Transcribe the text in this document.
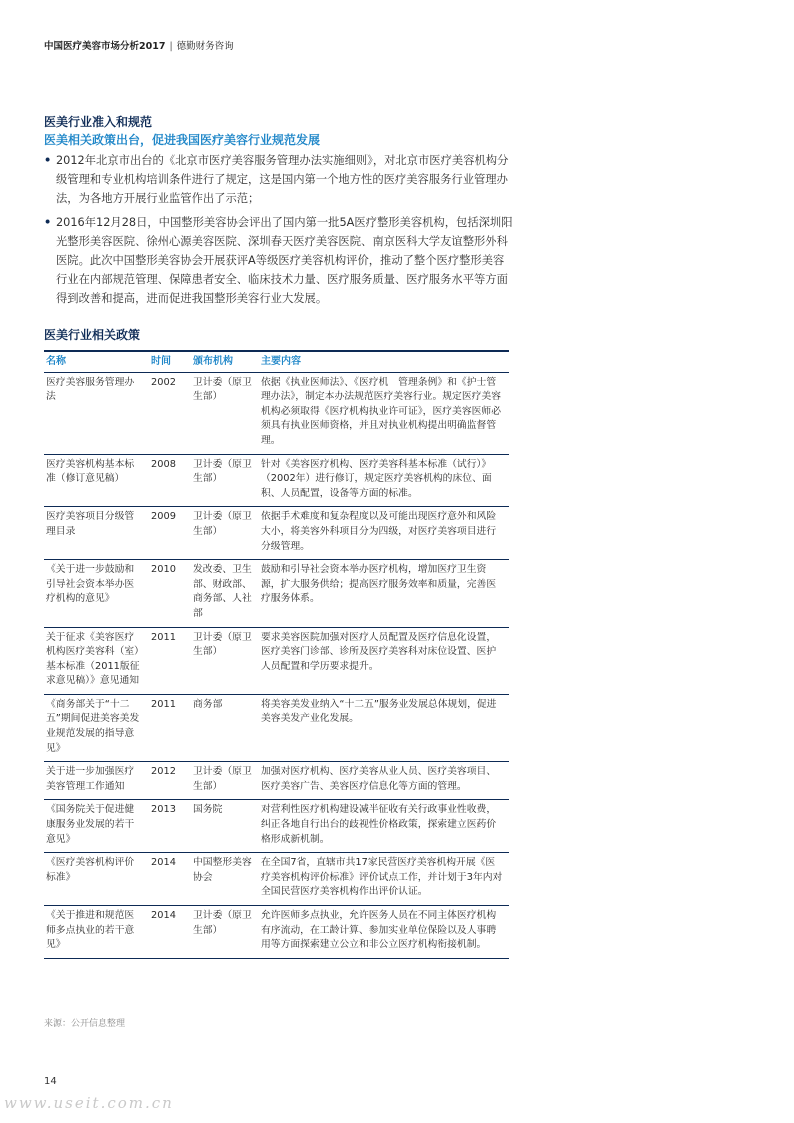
中国医疗美容市场分析2017 | 德勤财务咨询
医美行业准入和规范
医美相关政策出台，促进我国医疗美容行业规范发展
• 2012年北京市出台的《北京市医疗美容服务管理办法实施细则》，对北京市医疗美容机构分级管理和专业机构培训条件进行了规定，这是国内第一个地方性的医疗美容服务行业管理办法，为各地方开展行业监管作出了示范；
• 2016年12月28日，中国整形美容协会评出了国内第一批5A医疗整形美容机构，包括深圳阳光整形美容医院、徐州心源美容医院、深圳春天医疗美容医院、南京医科大学友谊整形外科医院。此次中国整形美容协会开展获评A等级医疗美容机构评价，推动了整个医疗整形美容行业在内部规范管理、保障患者安全、临床技术力量、医疗服务质量、医疗服务水平等方面得到改善和提高，进而促进我国整形美容行业大发展。
医美行业相关政策
名称	时间	颁布机构	主要内容
医疗美容服务管理办法	2002	卫计委（原卫生部）	依据《执业医师法》、《医疗机　管理条例》和《护士管理办法》，制定本办法规范医疗美容行业。规定医疗美容机构必须取得《医疗机构执业许可证》，医疗美容医师必须具有执业医师资格，并且对执业机构提出明确监督管理。
医疗美容机构基本标准（修订意见稿）	2008	卫计委（原卫生部）	针对《美容医疗机构、医疗美容科基本标准（试行）》（2002年）进行修订，规定医疗美容机构的床位、面积、人员配置，设备等方面的标准。
医疗美容项目分级管理目录	2009	卫计委（原卫生部）	依据手术难度和复杂程度以及可能出现医疗意外和风险大小，将美容外科项目分为四级，对医疗美容项目进行分级管理。
《关于进一步鼓励和引导社会资本举办医疗机构的意见》	2010	发改委、卫生部、财政部、商务部、人社部	鼓励和引导社会资本举办医疗机构，增加医疗卫生资源，扩大服务供给；提高医疗服务效率和质量，完善医疗服务体系。
关于征求《美容医疗机构医疗美容科（室）基本标准（2011版征求意见稿）》意见通知	2011	卫计委（原卫生部）	要求美容医院加强对医疗人员配置及医疗信息化设置，医疗美容门诊部、诊所及医疗美容科对床位设置、医护人员配置和学历要求提升。
《商务部关于“十二五”期间促进美容美发业规范发展的指导意见》	2011	商务部	将美容美发业纳入“十二五”服务业发展总体规划，促进美容美发产业化发展。
关于进一步加强医疗美容管理工作通知	2012	卫计委（原卫生部）	加强对医疗机构、医疗美容从业人员、医疗美容项目、医疗美容广告、美容医疗信息化等方面的管理。
《国务院关于促进健康服务业发展的若干意见》	2013	国务院	对营利性医疗机构建设减半征收有关行政事业性收费，纠正各地自行出台的歧视性价格政策，探索建立医药价格形成新机制。
《医疗美容机构评价标准》	2014	中国整形美容协会	在全国7省，直辖市共17家民营医疗美容机构开展《医疗美容机构评价标准》评价试点工作，并计划于3年内对全国民营医疗美容机构作出评价认证。
《关于推进和规范医师多点执业的若干意见》	2014	卫计委（原卫生部）	允许医师多点执业，允许医务人员在不同主体医疗机构有序流动，在工龄计算、参加实业单位保险以及人事聘用等方面探索建立公立和非公立医疗机构衔接机制。
来源：公开信息整理
14
www.useit.com.cn
